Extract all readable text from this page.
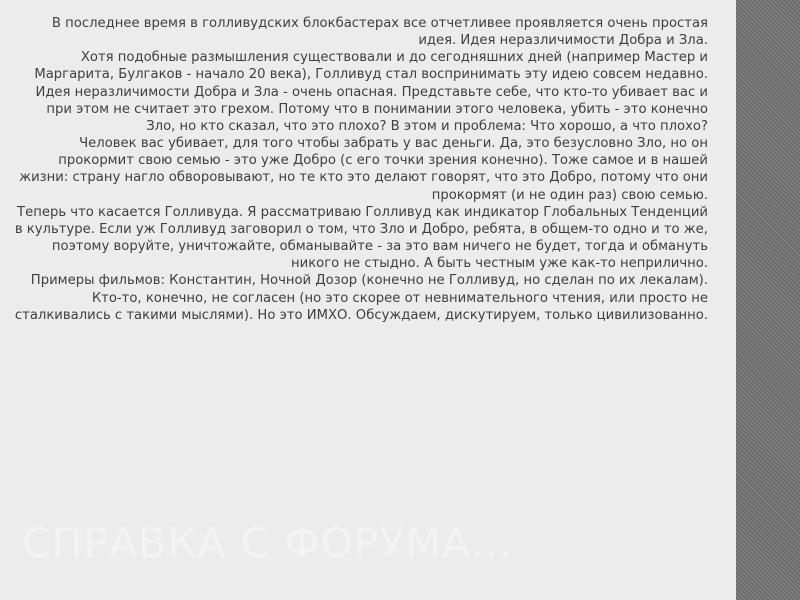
В последнее время в голливудских блокбастерах все отчетливее проявляется очень простая идея. Идея неразличимости Добра и Зла.

Хотя подобные размышления существовали и до сегодняшних дней (например Мастер и Маргарита, Булгаков - начало 20 века), Голливуд стал воспринимать эту идею совсем недавно.

Идея неразличимости Добра и Зла - очень опасная. Представьте себе, что кто-то убивает вас и при этом не считает это грехом. Потому что в понимании этого человека, убить - это конечно Зло, но кто сказал, что это плохо? В этом и проблема: Что хорошо, а что плохо?

Человек вас убивает, для того чтобы забрать у вас деньги. Да, это безусловно Зло, но он прокормит свою семью - это уже Добро (с его точки зрения конечно). Тоже самое и в нашей жизни: страну нагло обворовывают, но те кто это делают говорят, что это Добро, потому что они прокормят (и не один раз) свою семью.

Теперь что касается Голливуда. Я рассматриваю Голливуд как индикатор Глобальных Тенденций в культуре. Если уж Голливуд заговорил о том, что Зло и Добро, ребята, в общем-то одно и то же, поэтому воруйте, уничтожайте, обманывайте - за это вам ничего не будет, тогда и обмануть никого не стыдно. А быть честным уже как-то неприлично.

Примеры фильмов: Константин, Ночной Дозор (конечно не Голливуд, но сделан по их лекалам).

Кто-то, конечно, не согласен (но это скорее от невнимательного чтения, или просто не сталкивались с такими мыслями). Но это ИМХО. Обсуждаем, дискутируем, только цивилизованно.

СПРАВКА С ФОРУМА…
